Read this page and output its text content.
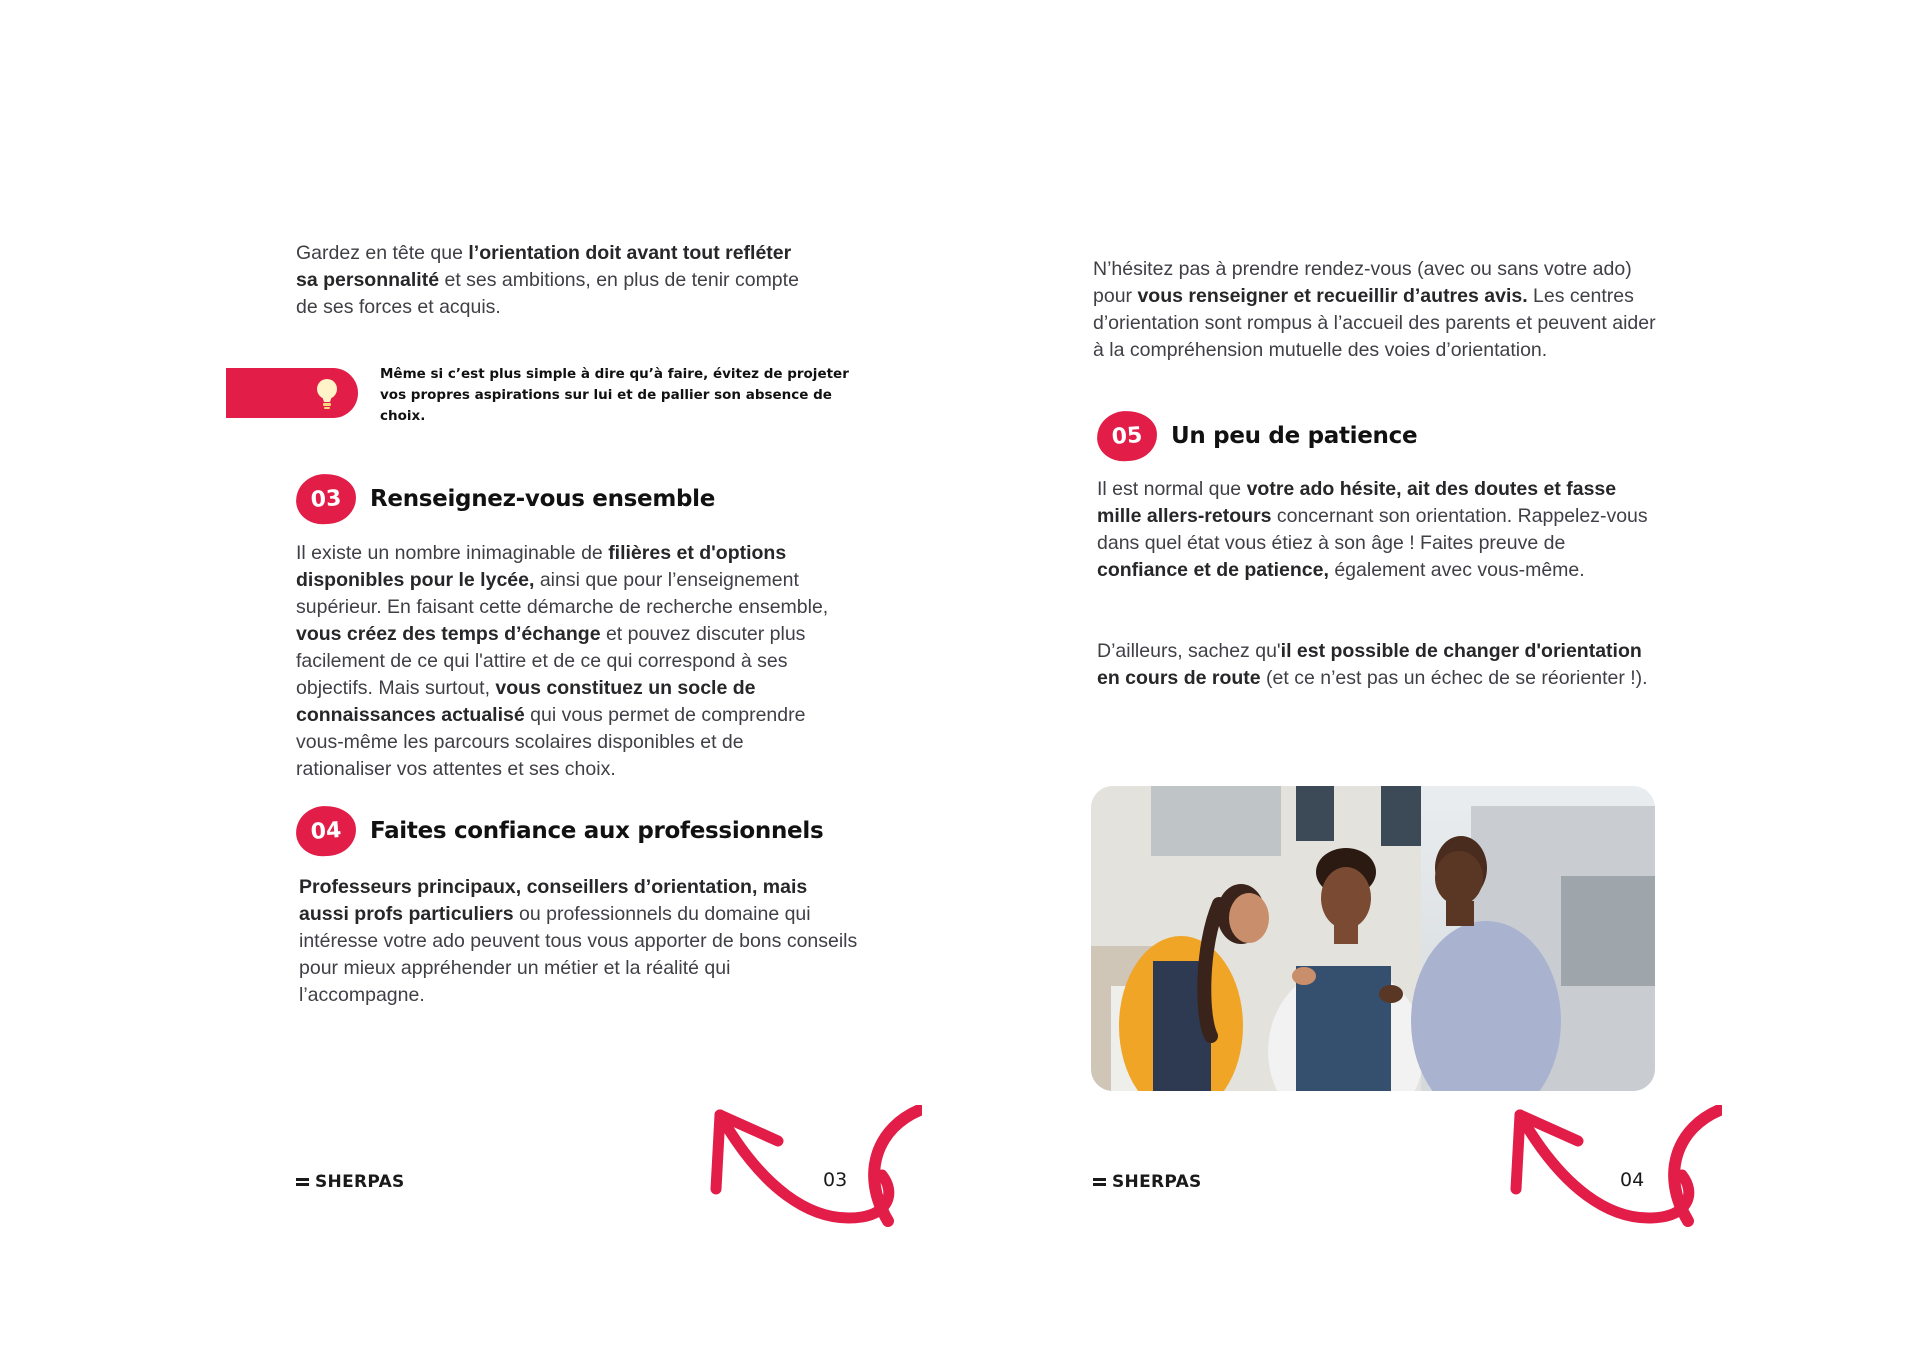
Gardez en tête que l’orientation doit avant tout refléter sa personnalité et ses ambitions, en plus de tenir compte de ses forces et acquis.

Même si c’est plus simple à dire qu’à faire, évitez de projeter vos propres aspirations sur lui et de pallier son absence de choix.

03	Renseignez-vous ensemble

Il existe un nombre inimaginable de filières et d'options disponibles pour le lycée, ainsi que pour l’enseignement supérieur. En faisant cette démarche de recherche ensemble, vous créez des temps d’échange et pouvez discuter plus facilement de ce qui l'attire et de ce qui correspond à ses objectifs. Mais surtout, vous constituez un socle de connaissances actualisé qui vous permet de comprendre vous-même les parcours scolaires disponibles et de rationaliser vos attentes et ses choix.

04	Faites confiance aux professionnels

Professeurs principaux, conseillers d’orientation, mais aussi profs particuliers ou professionnels du domaine qui intéresse votre ado peuvent tous vous apporter de bons conseils pour mieux appréhender un métier et la réalité qui l’accompagne.

SHERPAS	03

N’hésitez pas à prendre rendez-vous (avec ou sans votre ado) pour vous renseigner et recueillir d’autres avis. Les centres d’orientation sont rompus à l’accueil des parents et peuvent aider à la compréhension mutuelle des voies d’orientation.

05	Un peu de patience

Il est normal que votre ado hésite, ait des doutes et fasse mille allers-retours concernant son orientation. Rappelez-vous dans quel état vous étiez à son âge ! Faites preuve de confiance et de patience, également avec vous-même.

D’ailleurs, sachez qu'il est possible de changer d'orientation en cours de route (et ce n’est pas un échec de se réorienter !).

SHERPAS	04
